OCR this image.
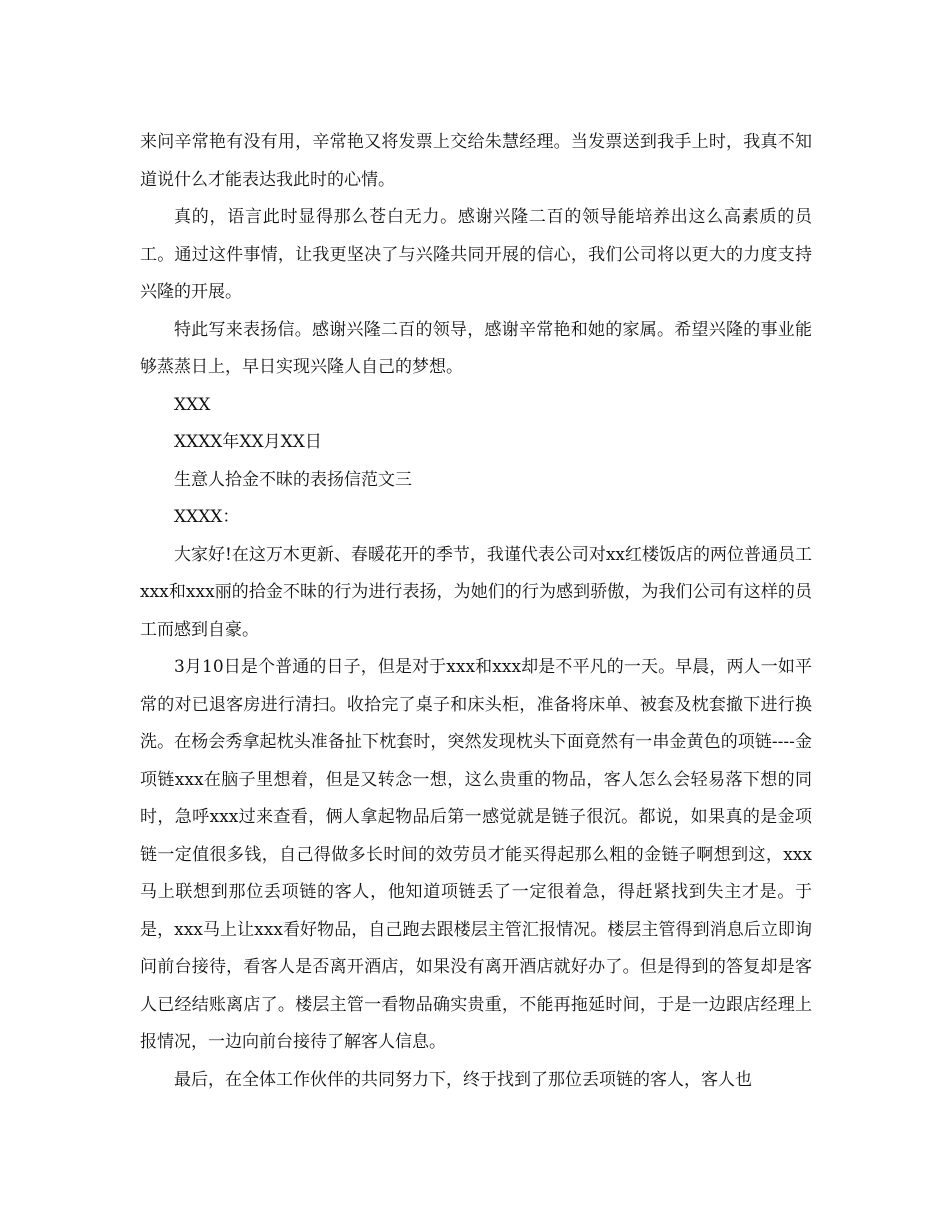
来问辛常艳有没有用，辛常艳又将发票上交给朱慧经理。当发票送到我手上时，我真不知道说什么才能表达我此时的心情。

真的，语言此时显得那么苍白无力。感谢兴隆二百的领导能培养出这么高素质的员工。通过这件事情，让我更坚决了与兴隆共同开展的信心，我们公司将以更大的力度支持兴隆的开展。

特此写来表扬信。感谢兴隆二百的领导，感谢辛常艳和她的家属。希望兴隆的事业能够蒸蒸日上，早日实现兴隆人自己的梦想。

XXX

XXXX年XX月XX日

生意人拾金不昧的表扬信范文三

XXXX：

大家好!在这万木更新、春暖花开的季节，我谨代表公司对xx红楼饭店的两位普通员工xxx和xxx丽的拾金不昧的行为进行表扬，为她们的行为感到骄傲，为我们公司有这样的员工而感到自豪。

3月10日是个普通的日子，但是对于xxx和xxx却是不平凡的一天。早晨，两人一如平常的对已退客房进行清扫。收拾完了桌子和床头柜，准备将床单、被套及枕套撤下进行换洗。在杨会秀拿起枕头准备扯下枕套时，突然发现枕头下面竟然有一串金黄色的项链----金项链xxx在脑子里想着，但是又转念一想，这么贵重的物品，客人怎么会轻易落下想的同时，急呼xxx过来查看，俩人拿起物品后第一感觉就是链子很沉。都说，如果真的是金项链一定值很多钱，自己得做多长时间的效劳员才能买得起那么粗的金链子啊想到这，xxx马上联想到那位丢项链的客人，他知道项链丢了一定很着急，得赶紧找到失主才是。于是，xxx马上让xxx看好物品，自己跑去跟楼层主管汇报情况。楼层主管得到消息后立即询问前台接待，看客人是否离开酒店，如果没有离开酒店就好办了。但是得到的答复却是客人已经结账离店了。楼层主管一看物品确实贵重，不能再拖延时间，于是一边跟店经理上报情况，一边向前台接待了解客人信息。

最后，在全体工作伙伴的共同努力下，终于找到了那位丢项链的客人，客人也
